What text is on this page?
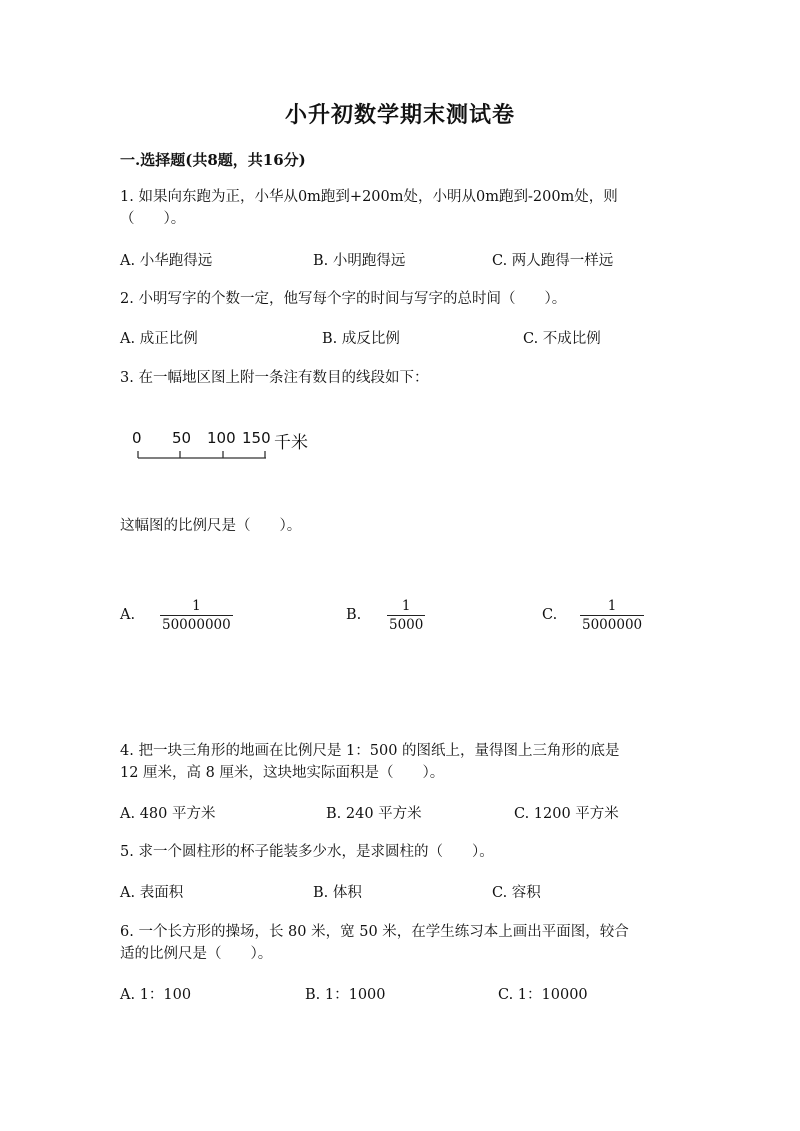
小升初数学期末测试卷
一.选择题(共8题，共16分)
1. 如果向东跑为正，小华从0m跑到+200m处，小明从0m跑到-200m处，则
（　　）。
A. 小华跑得远	B. 小明跑得远	C. 两人跑得一样远
2. 小明写字的个数一定，他写每个字的时间与写字的总时间（　　）。
A. 成正比例	B. 成反比例	C. 不成比例
3. 在一幅地区图上附一条注有数目的线段如下：
0 50 100 150 千米
这幅图的比例尺是（　　）。
A. $\frac{1}{50000000}$	B. $\frac{1}{5000}$	C. $\frac{1}{5000000}$
4. 把一块三角形的地画在比例尺是 1：500 的图纸上，量得图上三角形的底是
12 厘米，高 8 厘米，这块地实际面积是（　　）。
A. 480 平方米	B. 240 平方米	C. 1200 平方米
5. 求一个圆柱形的杯子能装多少水，是求圆柱的（　　）。
A. 表面积	B. 体积	C. 容积
6. 一个长方形的操场，长 80 米，宽 50 米，在学生练习本上画出平面图，较合
适的比例尺是（　　）。
A. 1：100	B. 1：1000	C. 1：10000
